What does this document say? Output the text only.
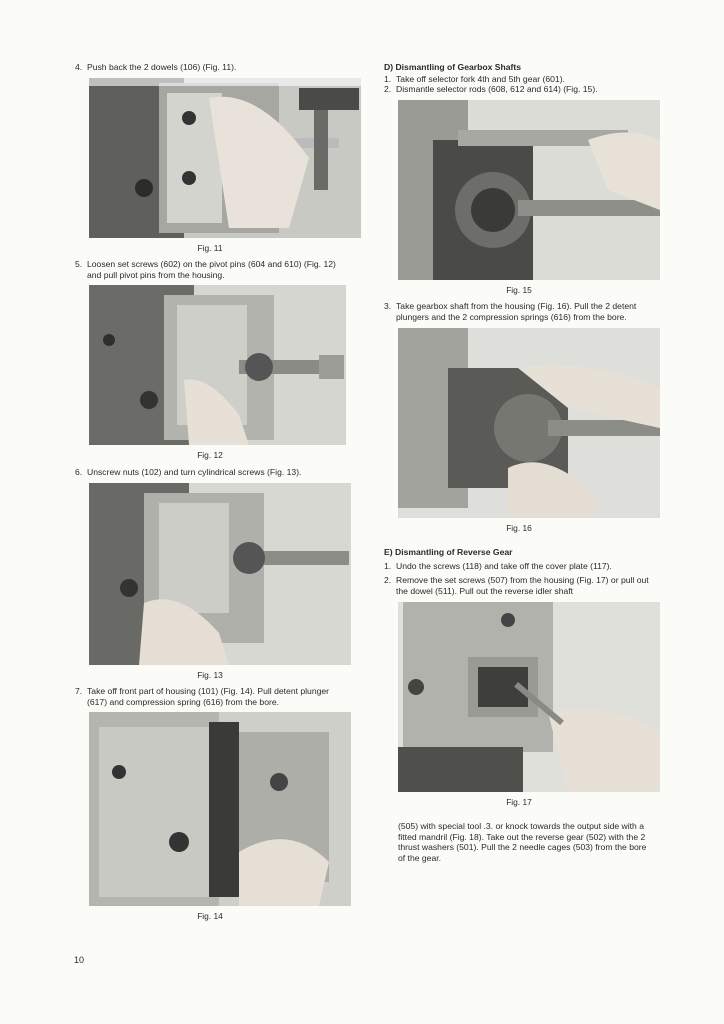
4. Push back the 2 dowels (106) (Fig. 11).
Fig. 11
5. Loosen set screws (602) on the pivot pins (604 and 610) (Fig. 12) and pull pivot pins from the housing.
Fig. 12
6. Unscrew nuts (102) and turn cylindrical screws (Fig. 13).
Fig. 13
7. Take off front part of housing (101) (Fig. 14). Pull detent plunger (617) and compression spring (616) from the bore.
Fig. 14
D) Dismantling of Gearbox Shafts
1. Take off selector fork 4th and 5th gear (601).
2. Dismantle selector rods (608, 612 and 614) (Fig. 15).
Fig. 15
3. Take gearbox shaft from the housing (Fig. 16). Pull the 2 detent plungers and the 2 compression springs (616) from the bore.
Fig. 16
E) Dismantling of Reverse Gear
1. Undo the screws (118) and take off the cover plate (117).
2. Remove the set screws (507) from the housing (Fig. 17) or pull out the dowel (511). Pull out the reverse idler shaft
Fig. 17
(505) with special tool .3. or knock towards the output side with a fitted mandril (Fig. 18). Take out the reverse gear (502) with the 2 thrust washers (501). Pull the 2 needle cages (503) from the bore of the gear.
10
